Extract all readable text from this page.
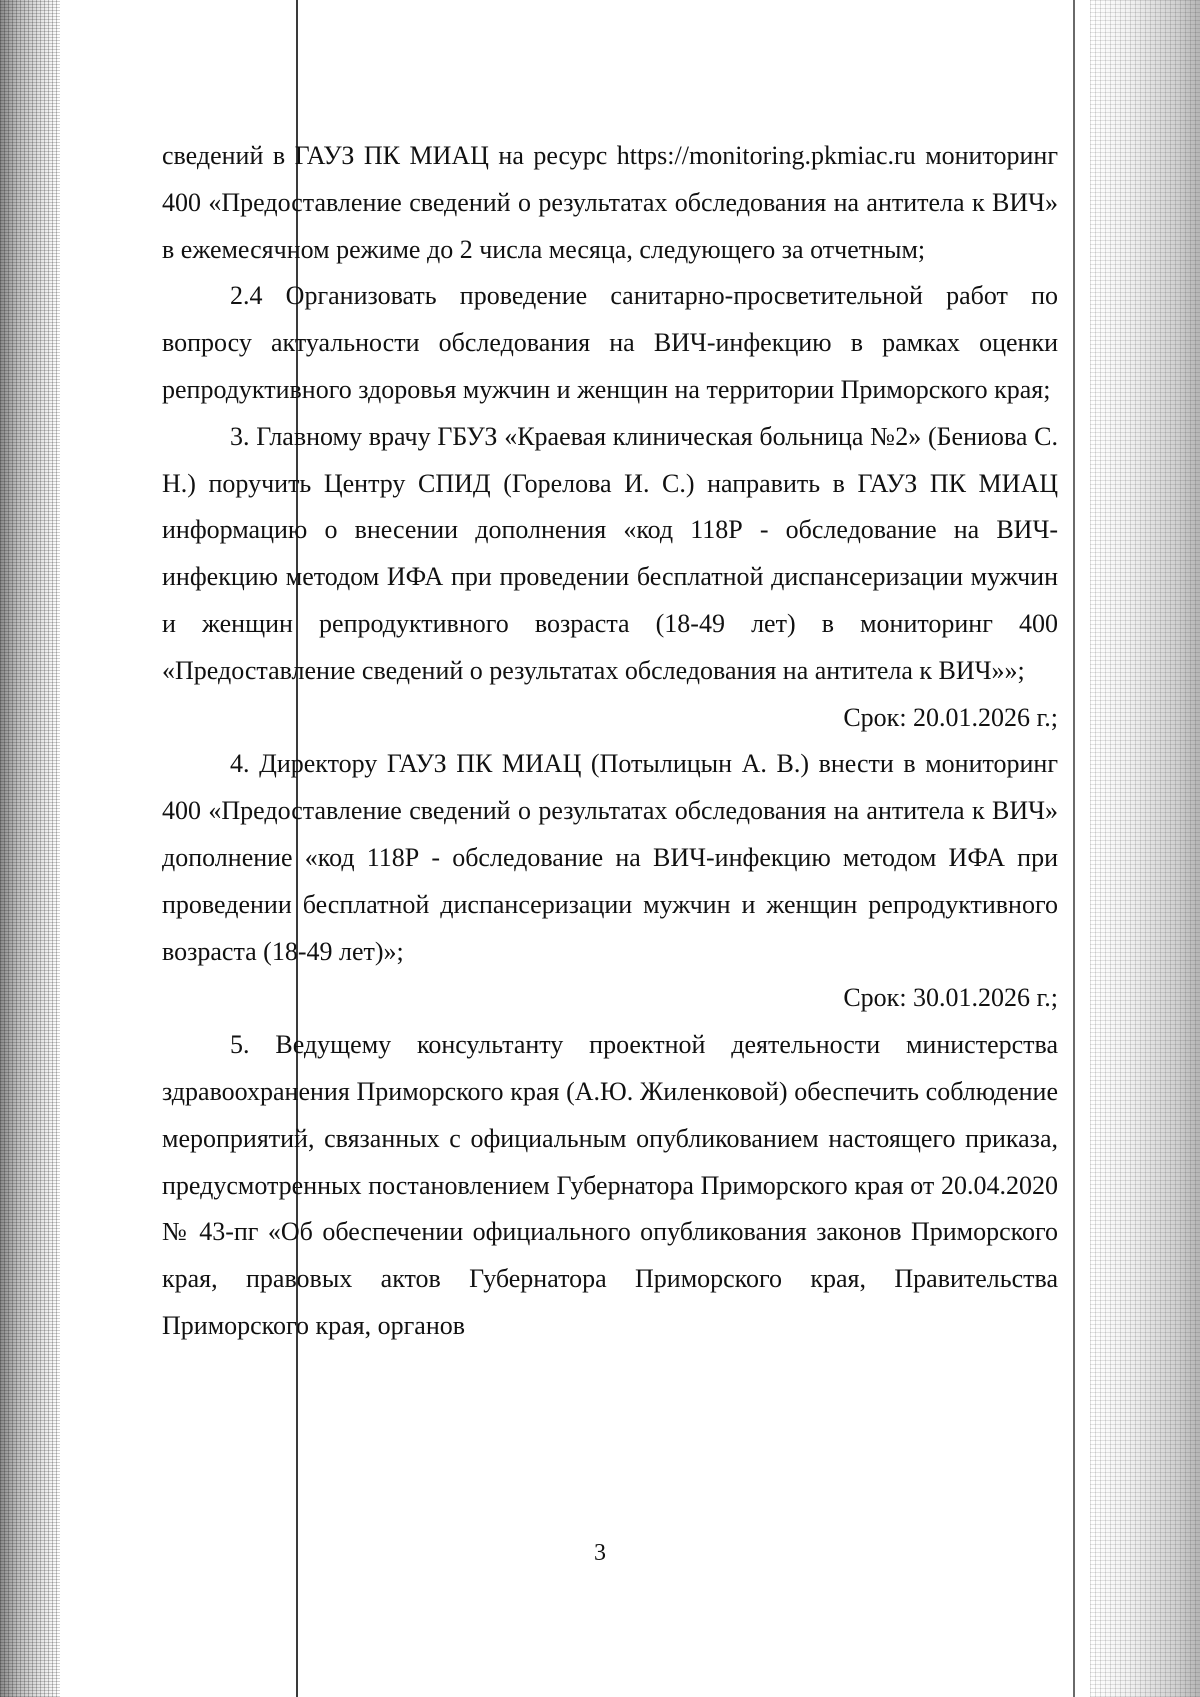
сведений в ГАУЗ ПК МИАЦ на ресурс https://monitoring.pkmiac.ru мониторинг 400 «Предоставление сведений о результатах обследования на антитела к ВИЧ» в ежемесячном режиме до 2 числа месяца, следующего за отчетным;

2.4 Организовать проведение санитарно-просветительной работ по вопросу актуальности обследования на ВИЧ-инфекцию в рамках оценки репродуктивного здоровья мужчин и женщин на территории Приморского края;

3. Главному врачу ГБУЗ «Краевая клиническая больница №2» (Бениова С. Н.) поручить Центру СПИД (Горелова И. С.) направить в ГАУЗ ПК МИАЦ информацию о внесении дополнения «код 118Р - обследование на ВИЧ-инфекцию методом ИФА при проведении бесплатной диспансеризации мужчин и женщин репродуктивного возраста (18-49 лет) в мониторинг 400 «Предоставление сведений о результатах обследования на антитела к ВИЧ»»;

Срок: 20.01.2026 г.;

4. Директору ГАУЗ ПК МИАЦ (Потылицын А. В.) внести в мониторинг 400 «Предоставление сведений о результатах обследования на антитела к ВИЧ» дополнение «код 118Р - обследование на ВИЧ-инфекцию методом ИФА при проведении бесплатной диспансеризации мужчин и женщин репродуктивного возраста (18-49 лет)»;

Срок: 30.01.2026 г.;

5. Ведущему консультанту проектной деятельности министерства здравоохранения Приморского края (А.Ю. Жиленковой) обеспечить соблюдение мероприятий, связанных с официальным опубликованием настоящего приказа, предусмотренных постановлением Губернатора Приморского края от 20.04.2020 № 43-пг «Об обеспечении официального опубликования законов Приморского края, правовых актов Губернатора Приморского края, Правительства Приморского края, органов

3
